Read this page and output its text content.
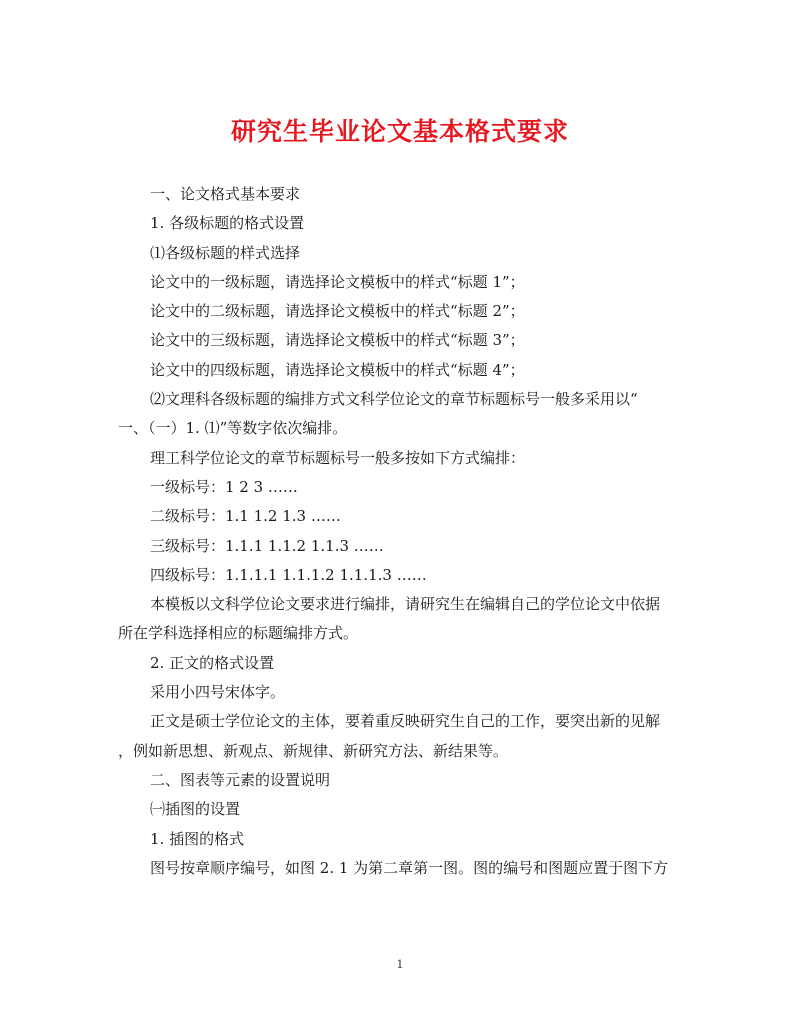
研究生毕业论文基本格式要求
一、论文格式基本要求
1. 各级标题的格式设置
⑴各级标题的样式选择
论文中的一级标题，请选择论文模板中的样式“标题 1”；
论文中的二级标题，请选择论文模板中的样式“标题 2”；
论文中的三级标题，请选择论文模板中的样式“标题 3”；
论文中的四级标题，请选择论文模板中的样式“标题 4”；
⑵文理科各级标题的编排方式文科学位论文的章节标题标号一般多采用以“
一、（一）1. ⑴”等数字依次编排。
理工科学位论文的章节标题标号一般多按如下方式编排：
一级标号：1 2 3 ……
二级标号：1.1 1.2 1.3 ……
三级标号：1.1.1 1.1.2 1.1.3 ……
四级标号：1.1.1.1 1.1.1.2 1.1.1.3 ……
本模板以文科学位论文要求进行编排，请研究生在编辑自己的学位论文中依据
所在学科选择相应的标题编排方式。
2. 正文的格式设置
采用小四号宋体字。
正文是硕士学位论文的主体，要着重反映研究生自己的工作，要突出新的见解
，例如新思想、新观点、新规律、新研究方法、新结果等。
二、图表等元素的设置说明
㈠插图的设置
1. 插图的格式
图号按章顺序编号，如图 2. 1 为第二章第一图。图的编号和图题应置于图下方
1
